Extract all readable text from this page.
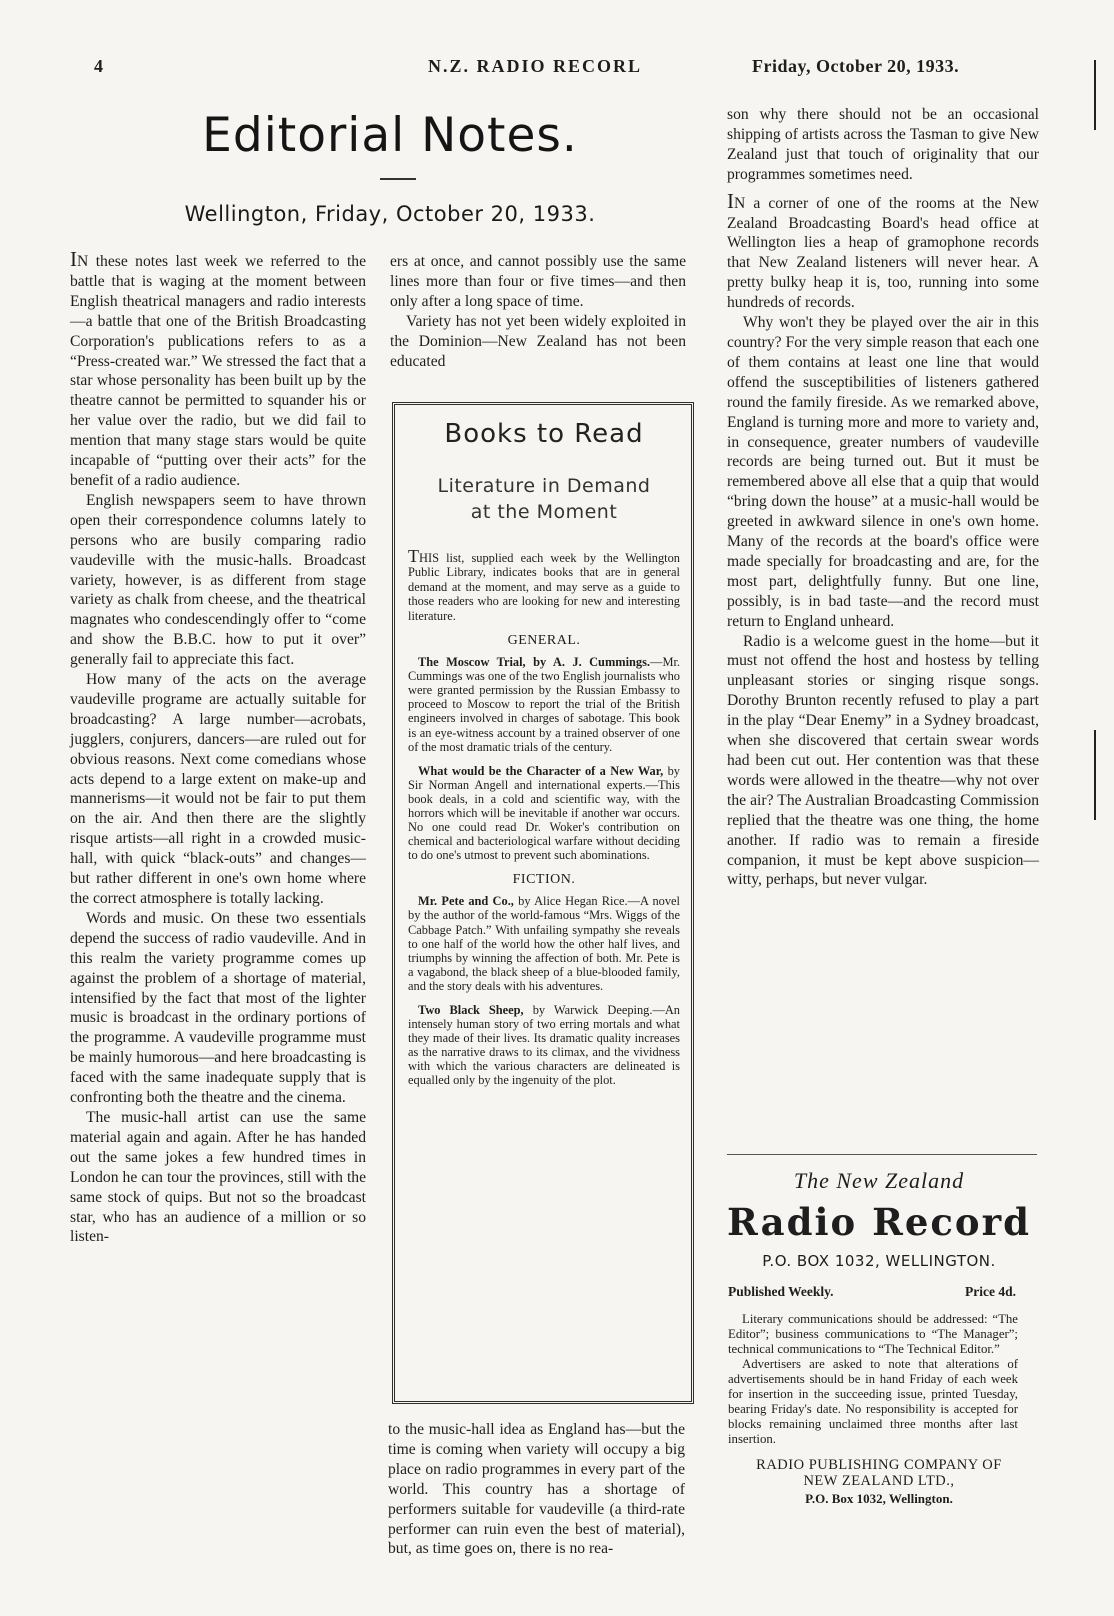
4	N.Z. RADIO RECORL	Friday, October 20, 1933.
Editorial Notes.
Wellington, Friday, October 20, 1933.

IN these notes last week we referred to the battle that is waging at the moment between English theatrical managers and radio interests—a battle that one of the British Broadcasting Corporation's publications refers to as a “Press-created war.” We stressed the fact that a star whose personality has been built up by the theatre cannot be permitted to squander his or her value over the radio, but we did fail to mention that many stage stars would be quite incapable of “putting over their acts” for the benefit of a radio audience.

English newspapers seem to have thrown open their correspondence columns lately to persons who are busily comparing radio vaudeville with the music-halls. Broadcast variety, however, is as different from stage variety as chalk from cheese, and the theatrical magnates who condescendingly offer to “come and show the B.B.C. how to put it over” generally fail to appreciate this fact.

How many of the acts on the average vaudeville programe are actually suitable for broadcasting? A large number—acrobats, jugglers, conjurers, dancers—are ruled out for obvious reasons. Next come comedians whose acts depend to a large extent on make-up and mannerisms—it would not be fair to put them on the air. And then there are the slightly risque artists—all right in a crowded music-hall, with quick “black-outs” and changes—but rather different in one's own home where the correct atmosphere is totally lacking.

Words and music. On these two essentials depend the success of radio vaudeville. And in this realm the variety programme comes up against the problem of a shortage of material, intensified by the fact that most of the lighter music is broadcast in the ordinary portions of the programme. A vaudeville programme must be mainly humorous—and here broadcasting is faced with the same inadequate supply that is confronting both the theatre and the cinema.

The music-hall artist can use the same material again and again. After he has handed out the same jokes a few hundred times in London he can tour the provinces, still with the same stock of quips. But not so the broadcast star, who has an audience of a million or so listen-

ers at once, and cannot possibly use the same lines more than four or five times—and then only after a long space of time.

Variety has not yet been widely exploited in the Dominion—New Zealand has not been educated

Books to Read
Literature in Demand
at the Moment
THIS list, supplied each week by the Wellington Public Library, indicates books that are in general demand at the moment, and may serve as a guide to those readers who are looking for new and interesting literature.
GENERAL.
The Moscow Trial, by A. J. Cummings.—Mr. Cummings was one of the two English journalists who were granted permission by the Russian Embassy to proceed to Moscow to report the trial of the British engineers involved in charges of sabotage. This book is an eye-witness account by a trained observer of one of the most dramatic trials of the century.
What would be the Character of a New War, by Sir Norman Angell and international experts.—This book deals, in a cold and scientific way, with the horrors which will be inevitable if another war occurs. No one could read Dr. Woker's contribution on chemical and bacteriological warfare without deciding to do one's utmost to prevent such abominations.
FICTION.
Mr. Pete and Co., by Alice Hegan Rice.—A novel by the author of the world-famous “Mrs. Wiggs of the Cabbage Patch.” With unfailing sympathy she reveals to one half of the world how the other half lives, and triumphs by winning the affection of both. Mr. Pete is a vagabond, the black sheep of a blue-blooded family, and the story deals with his adventures.
Two Black Sheep, by Warwick Deeping.—An intensely human story of two erring mortals and what they made of their lives. Its dramatic quality increases as the narrative draws to its climax, and the vividness with which the various characters are delineated is equalled only by the ingenuity of the plot.

to the music-hall idea as England has—but the time is coming when variety will occupy a big place on radio programmes in every part of the world. This country has a shortage of performers suitable for vaudeville (a third-rate performer can ruin even the best of material), but, as time goes on, there is no rea-

son why there should not be an occasional shipping of artists across the Tasman to give New Zealand just that touch of originality that our programmes sometimes need.

IN a corner of one of the rooms at the New Zealand Broadcasting Board's head office at Wellington lies a heap of gramophone records that New Zealand listeners will never hear. A pretty bulky heap it is, too, running into some hundreds of records.

Why won't they be played over the air in this country? For the very simple reason that each one of them contains at least one line that would offend the susceptibilities of listeners gathered round the family fireside. As we remarked above, England is turning more and more to variety and, in consequence, greater numbers of vaudeville records are being turned out. But it must be remembered above all else that a quip that would “bring down the house” at a music-hall would be greeted in awkward silence in one's own home. Many of the records at the board's office were made specially for broadcasting and are, for the most part, delightfully funny. But one line, possibly, is in bad taste—and the record must return to England unheard.

Radio is a welcome guest in the home—but it must not offend the host and hostess by telling unpleasant stories or singing risque songs. Dorothy Brunton recently refused to play a part in the play “Dear Enemy” in a Sydney broadcast, when she discovered that certain swear words had been cut out. Her contention was that these words were allowed in the theatre—why not over the air? The Australian Broadcasting Commission replied that the theatre was one thing, the home another. If radio was to remain a fireside companion, it must be kept above suspicion—witty, perhaps, but never vulgar.

The New Zealand
Radio Record
P.O. BOX 1032, WELLINGTON.
Published Weekly.	Price 4d.

Literary communications should be addressed: “The Editor”; business communications to “The Manager”; technical communications to “The Technical Editor.”

Advertisers are asked to note that alterations of advertisements should be in hand Friday of each week for insertion in the succeeding issue, printed Tuesday, bearing Friday's date. No responsibility is accepted for blocks remaining unclaimed three months after last insertion.

RADIO PUBLISHING COMPANY OF
NEW ZEALAND LTD.,
P.O. Box 1032, Wellington.
